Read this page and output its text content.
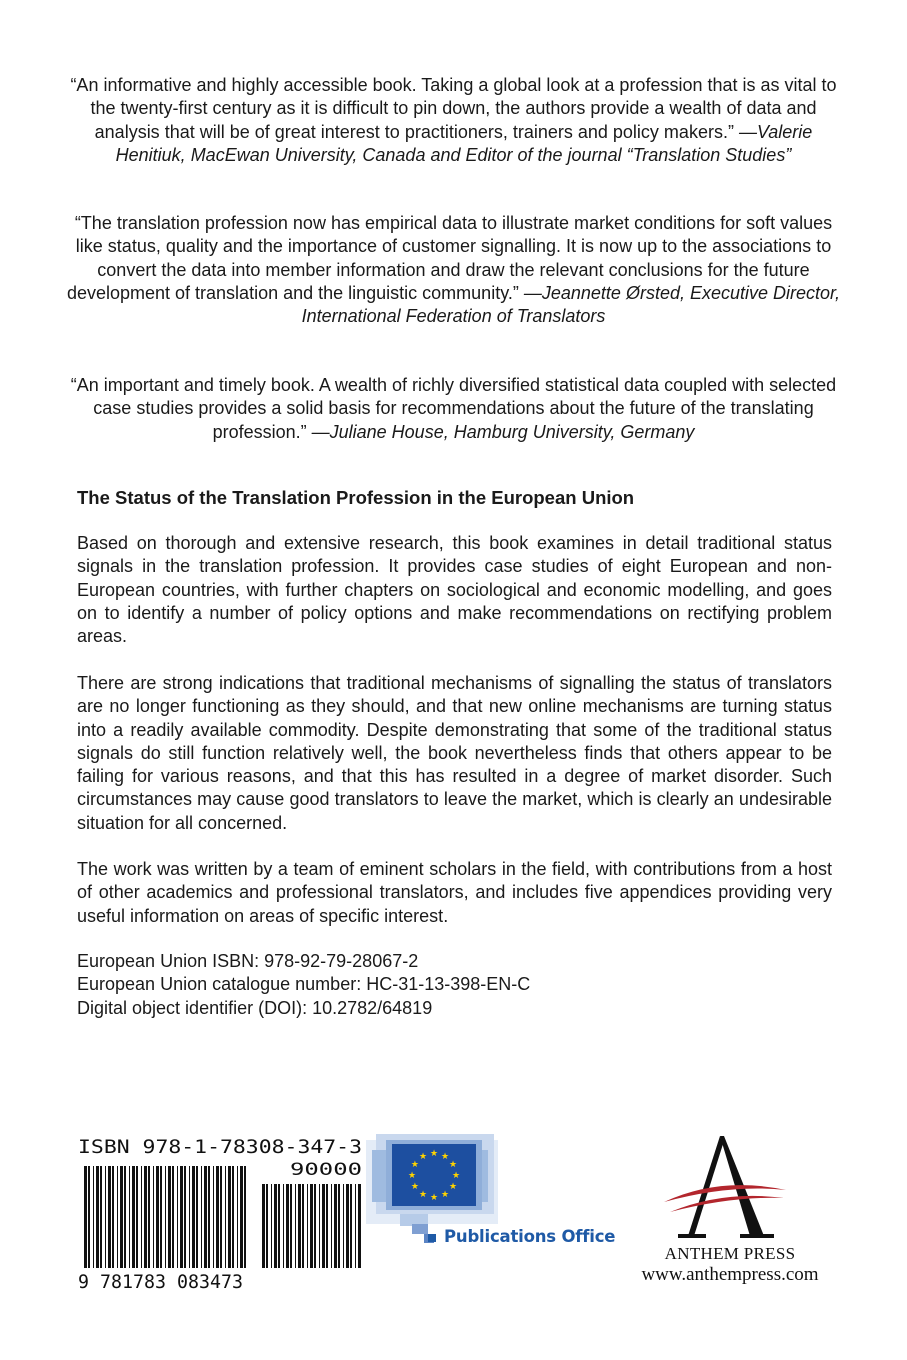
“An informative and highly accessible book. Taking a global look at a profession that is as vital to the twenty-first century as it is difficult to pin down, the authors provide a wealth of data and analysis that will be of great interest to practitioners, trainers and policy makers.” —Valerie Henitiuk, MacEwan University, Canada and Editor of the journal “Translation Studies”
“The translation profession now has empirical data to illustrate market conditions for soft values like status, quality and the importance of customer signalling. It is now up to the associations to convert the data into member information and draw the relevant conclusions for the future development of translation and the linguistic community.” —Jeannette Ørsted, Executive Director, International Federation of Translators
“An important and timely book. A wealth of richly diversified statistical data coupled with selected case studies provides a solid basis for recommendations about the future of the translating profession.” —Juliane House, Hamburg University, Germany
The Status of the Translation Profession in the European Union
Based on thorough and extensive research, this book examines in detail traditional status signals in the translation profession. It provides case studies of eight European and non-European countries, with further chapters on sociological and economic modelling, and goes on to identify a number of policy options and make recommendations on rectifying problem areas.
There are strong indications that traditional mechanisms of signalling the status of translators are no longer functioning as they should, and that new online mechanisms are turning status into a readily available commodity. Despite demonstrating that some of the traditional status signals do still function relatively well, the book nevertheless finds that others appear to be failing for various reasons, and that this has resulted in a degree of market disorder. Such circumstances may cause good translators to leave the market, which is clearly an undesirable situation for all concerned.
The work was written by a team of eminent scholars in the field, with contributions from a host of other academics and professional translators, and includes five appendices providing very useful information on areas of specific interest.
European Union ISBN: 978-92-79-28067-2
European Union catalogue number: HC-31-13-398-EN-C
Digital object identifier (DOI): 10.2782/64819
ISBN 978-1-78308-347-3
90000
9 781783 083473
★ ★
★
★
★
★
★
★
★
★
★
★
Publications Office
ANTHEM PRESS
www.anthempress.com
